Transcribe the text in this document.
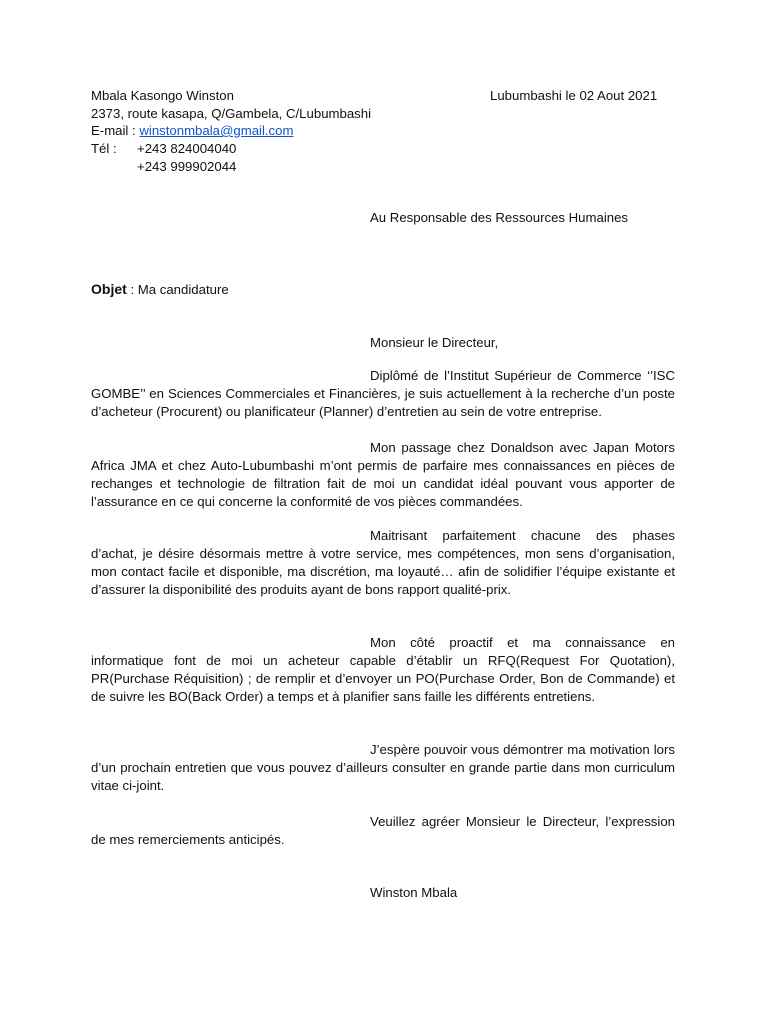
Mbala Kasongo Winston	Lubumbashi le 02 Aout 2021
2373, route kasapa, Q/Gambela, C/Lubumbashi
E-mail : winstonmbala@gmail.com
Tél : +243 824004040
+243 999902044
Au Responsable des Ressources Humaines
Objet : Ma candidature
Monsieur le Directeur,

Diplômé de l’Institut Supérieur de Commerce ‘’ISC GOMBE’’ en Sciences Commerciales et Financières, je suis actuellement à la recherche d’un poste d’acheteur (Procurent) ou planificateur (Planner) d’entretien au sein de votre entreprise.

Mon passage chez Donaldson avec Japan Motors Africa JMA et chez Auto-Lubumbashi m’ont permis de parfaire mes connaissances en pièces de rechanges et technologie de filtration fait de moi un candidat idéal pouvant vous apporter de l’assurance en ce qui concerne la conformité de vos pièces commandées.

Maitrisant parfaitement chacune des phases d’achat, je désire désormais mettre à votre service, mes compétences, mon sens d’organisation, mon contact facile et disponible, ma discrétion, ma loyauté… afin de solidifier l’équipe existante et d’assurer la disponibilité des produits ayant de bons rapport qualité-prix.

Mon côté proactif et ma connaissance en informatique font de moi un acheteur capable d’établir un RFQ(Request For Quotation), PR(Purchase Réquisition) ; de remplir et d’envoyer un PO(Purchase Order, Bon de Commande) et de suivre les BO(Back Order) a temps et à planifier sans faille les différents entretiens.

J’espère pouvoir vous démontrer ma motivation lors d’un prochain entretien que vous pouvez d’ailleurs consulter en grande partie dans mon curriculum vitae ci-joint.

Veuillez agréer Monsieur le Directeur, l’expression de mes remerciements anticipés.

Winston Mbala
